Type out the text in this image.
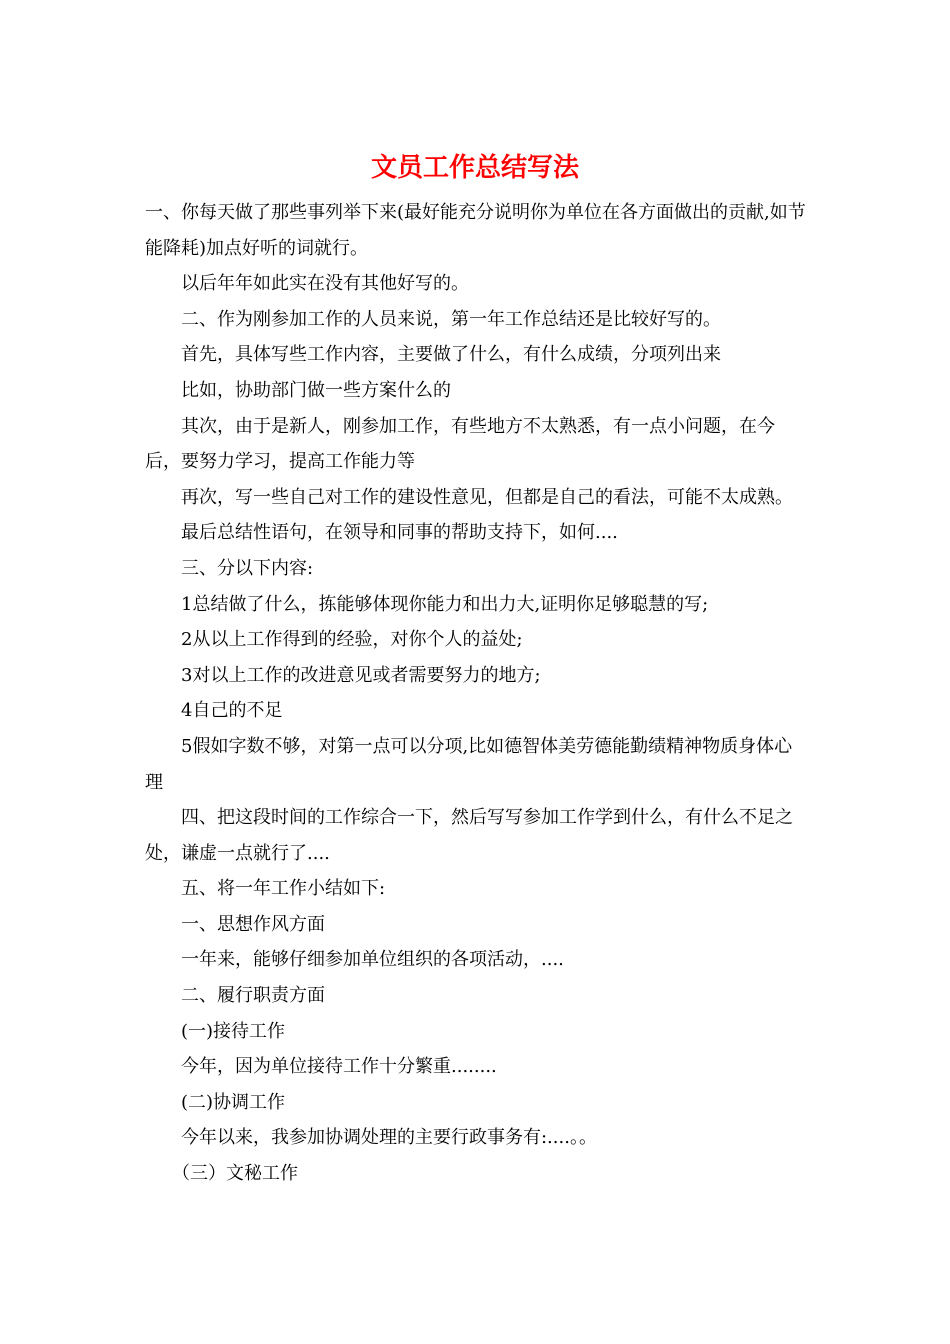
文员工作总结写法

一、你每天做了那些事列举下来(最好能充分说明你为单位在各方面做出的贡献,如节能降耗)加点好听的词就行。

以后年年如此实在没有其他好写的。

二、作为刚参加工作的人员来说，第一年工作总结还是比较好写的。

首先，具体写些工作内容，主要做了什么，有什么成绩，分项列出来

比如，协助部门做一些方案什么的

其次，由于是新人，刚参加工作，有些地方不太熟悉，有一点小问题，在今后，要努力学习，提高工作能力等

再次，写一些自己对工作的建设性意见，但都是自己的看法，可能不太成熟。

最后总结性语句，在领导和同事的帮助支持下，如何....

三、分以下内容:

1总结做了什么，拣能够体现你能力和出力大,证明你足够聪慧的写;

2从以上工作得到的经验，对你个人的益处;

3对以上工作的改进意见或者需要努力的地方;

4自己的不足

5假如字数不够，对第一点可以分项,比如德智体美劳德能勤绩精神物质身体心理

四、把这段时间的工作综合一下，然后写写参加工作学到什么，有什么不足之处，谦虚一点就行了....

五、将一年工作小结如下:

一、思想作风方面

一年来，能够仔细参加单位组织的各项活动，....

二、履行职责方面

(一)接待工作

今年，因为单位接待工作十分繁重........

(二)协调工作

今年以来，我参加协调处理的主要行政事务有:....。。

（三）文秘工作
